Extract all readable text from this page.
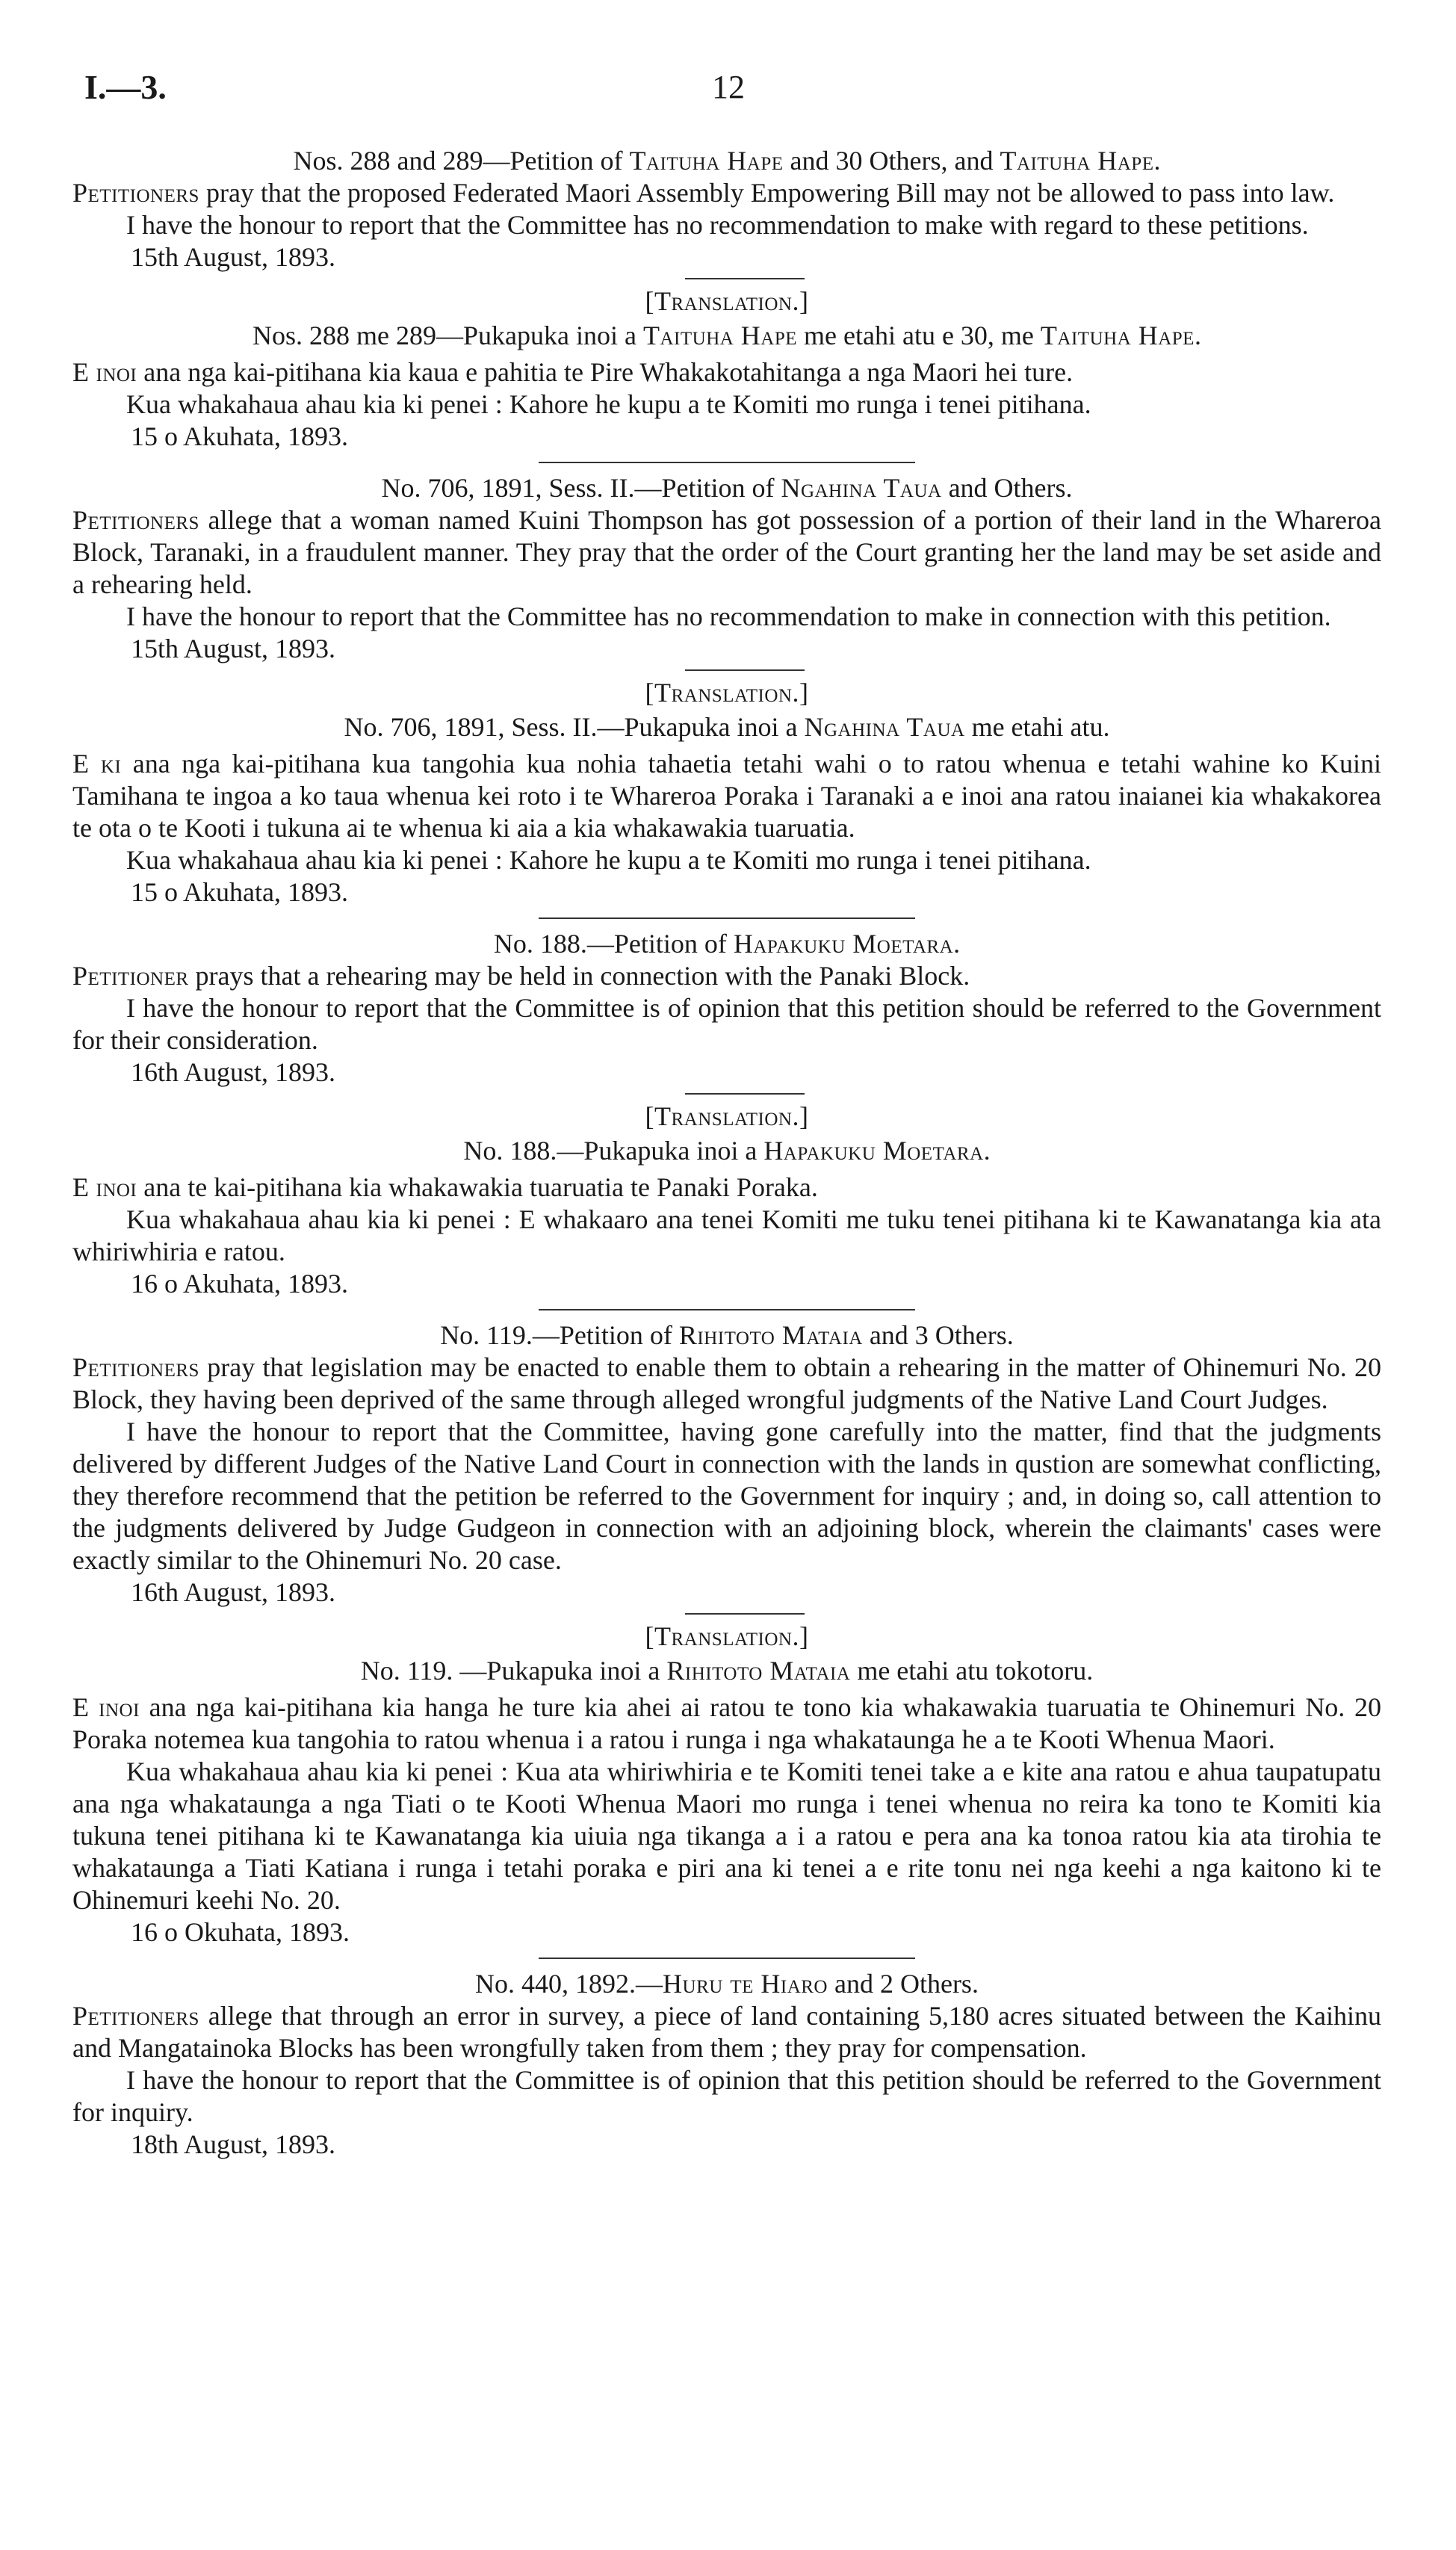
I.—3.	12

Nos. 288 and 289—Petition of Taituha Hape and 30 Others, and Taituha Hape.

Petitioners pray that the proposed Federated Maori Assembly Empowering Bill may not be allowed to pass into law.

I have the honour to report that the Committee has no recommendation to make with regard to these petitions.

15th August, 1893.

[Translation.]

Nos. 288 me 289—Pukapuka inoi a Taituha Hape me etahi atu e 30, me Taituha Hape.

E inoi ana nga kai-pitihana kia kaua e pahitia te Pire Whakakotahitanga a nga Maori hei ture.

Kua whakahaua ahau kia ki penei : Kahore he kupu a te Komiti mo runga i tenei pitihana.

15 o Akuhata, 1893.

No. 706, 1891, Sess. II.—Petition of Ngahina Taua and Others.

Petitioners allege that a woman named Kuini Thompson has got possession of a portion of their land in the Whareroa Block, Taranaki, in a fraudulent manner. They pray that the order of the Court granting her the land may be set aside and a rehearing held.

I have the honour to report that the Committee has no recommendation to make in connection with this petition.

15th August, 1893.

[Translation.]

No. 706, 1891, Sess. II.—Pukapuka inoi a Ngahina Taua me etahi atu.

E ki ana nga kai-pitihana kua tangohia kua nohia tahaetia tetahi wahi o to ratou whenua e tetahi wahine ko Kuini Tamihana te ingoa a ko taua whenua kei roto i te Whareroa Poraka i Taranaki a e inoi ana ratou inaianei kia whakakorea te ota o te Kooti i tukuna ai te whenua ki aia a kia whakawakia tuaruatia.

Kua whakahaua ahau kia ki penei : Kahore he kupu a te Komiti mo runga i tenei pitihana.

15 o Akuhata, 1893.

No. 188.—Petition of Hapakuku Moetara.

Petitioner prays that a rehearing may be held in connection with the Panaki Block.

I have the honour to report that the Committee is of opinion that this petition should be referred to the Government for their consideration.

16th August, 1893.

[Translation.]

No. 188.—Pukapuka inoi a Hapakuku Moetara.

E inoi ana te kai-pitihana kia whakawakia tuaruatia te Panaki Poraka.

Kua whakahaua ahau kia ki penei : E whakaaro ana tenei Komiti me tuku tenei pitihana ki te Kawanatanga kia ata whiriwhiria e ratou.

16 o Akuhata, 1893.

No. 119.—Petition of Rihitoto Mataia and 3 Others.

Petitioners pray that legislation may be enacted to enable them to obtain a rehearing in the matter of Ohinemuri No. 20 Block, they having been deprived of the same through alleged wrongful judgments of the Native Land Court Judges.

I have the honour to report that the Committee, having gone carefully into the matter, find that the judgments delivered by different Judges of the Native Land Court in connection with the lands in qustion are somewhat conflicting, they therefore recommend that the petition be referred to the Government for inquiry ; and, in doing so, call attention to the judgments delivered by Judge Gudgeon in connection with an adjoining block, wherein the claimants' cases were exactly similar to the Ohinemuri No. 20 case.

16th August, 1893.

[Translation.]

No. 119. —Pukapuka inoi a Rihitoto Mataia me etahi atu tokotoru.

E inoi ana nga kai-pitihana kia hanga he ture kia ahei ai ratou te tono kia whakawakia tuaruatia te Ohinemuri No. 20 Poraka notemea kua tangohia to ratou whenua i a ratou i runga i nga whakataunga he a te Kooti Whenua Maori.

Kua whakahaua ahau kia ki penei : Kua ata whiriwhiria e te Komiti tenei take a e kite ana ratou e ahua taupatupatu ana nga whakataunga a nga Tiati o te Kooti Whenua Maori mo runga i tenei whenua no reira ka tono te Komiti kia tukuna tenei pitihana ki te Kawanatanga kia uiuia nga tikanga a i a ratou e pera ana ka tonoa ratou kia ata tirohia te whakataunga a Tiati Katiana i runga i tetahi poraka e piri ana ki tenei a e rite tonu nei nga keehi a nga kaitono ki te Ohinemuri keehi No. 20.

16 o Okuhata, 1893.

No. 440, 1892.—Huru te Hiaro and 2 Others.

Petitioners allege that through an error in survey, a piece of land containing 5,180 acres situated between the Kaihinu and Mangatainoka Blocks has been wrongfully taken from them ; they pray for compensation.

I have the honour to report that the Committee is of opinion that this petition should be referred to the Government for inquiry.

18th August, 1893.
